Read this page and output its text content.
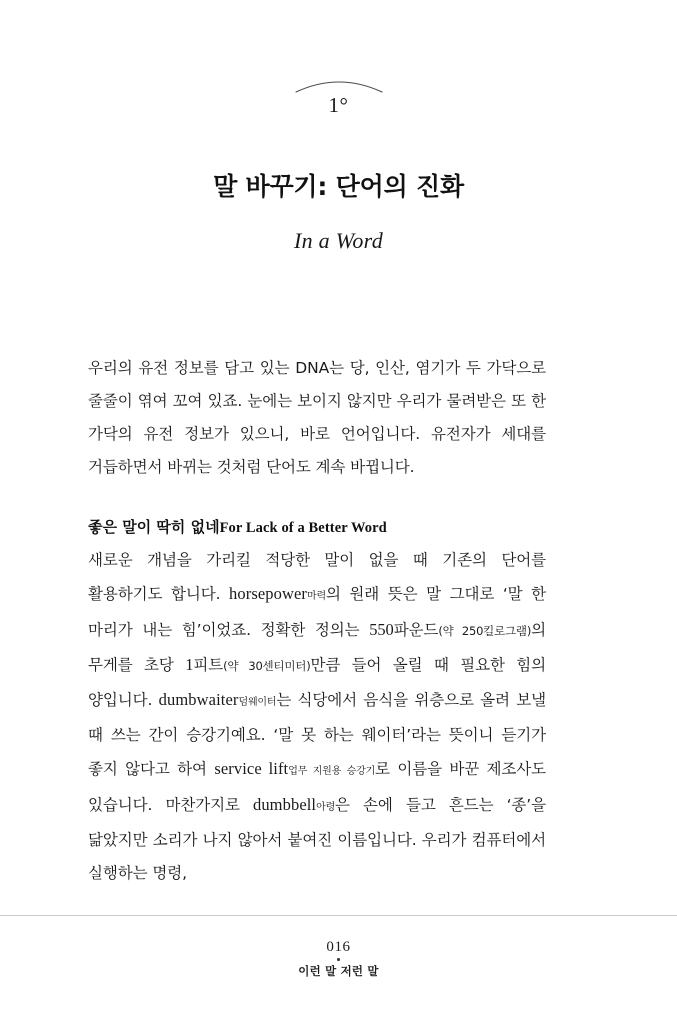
1°
말 바꾸기: 단어의 진화
In a Word

우리의 유전 정보를 담고 있는 DNA는 당, 인산, 염기가 두 가닥으로 줄줄이 엮여 꼬여 있죠. 눈에는 보이지 않지만 우리가 물려받은 또 한 가닥의 유전 정보가 있으니, 바로 언어입니다. 유전자가 세대를 거듭하면서 바뀌는 것처럼 단어도 계속 바뀝니다.

좋은 말이 딱히 없네For Lack of a Better Word

새로운 개념을 가리킬 적당한 말이 없을 때 기존의 단어를 활용하기도 합니다. horsepower마력의 원래 뜻은 말 그대로 ‘말 한 마리가 내는 힘’이었죠. 정확한 정의는 550파운드(약 250킬로그램)의 무게를 초당 1피트(약 30센티미터)만큼 들어 올릴 때 필요한 힘의 양입니다. dumbwaiter덤웨이터는 식당에서 음식을 위층으로 올려 보낼 때 쓰는 간이 승강기예요. ‘말 못 하는 웨이터’라는 뜻이니 듣기가 좋지 않다고 하여 service lift업무 지원용 승강기로 이름을 바꾼 제조사도 있습니다. 마찬가지로 dumbbell아령은 손에 들고 흔드는 ‘종’을 닮았지만 소리가 나지 않아서 붙여진 이름입니다. 우리가 컴퓨터에서 실행하는 명령,

016
이런 말 저런 말
